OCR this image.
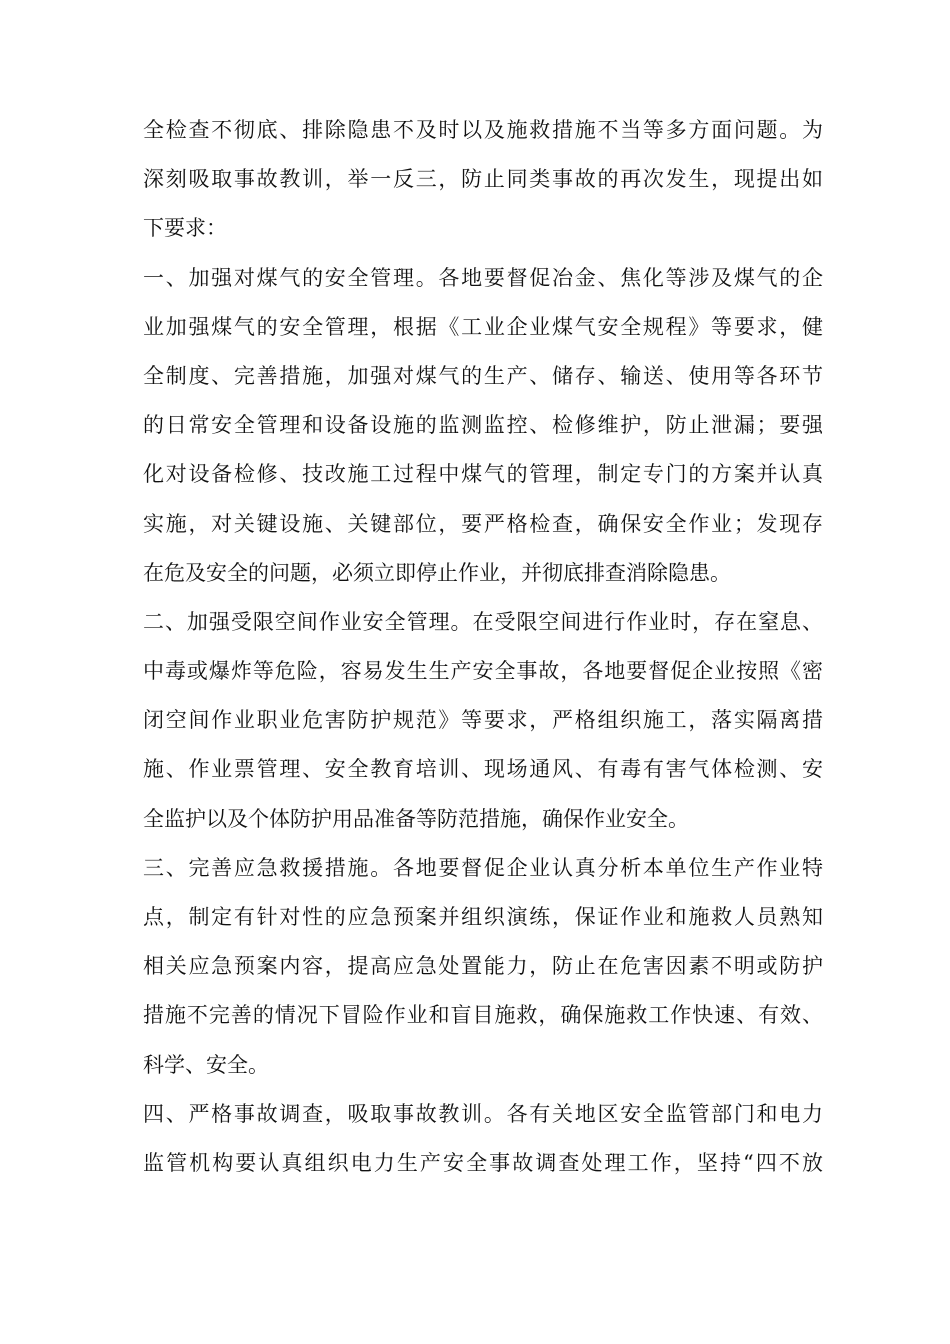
全检查不彻底、排除隐患不及时以及施救措施不当等多方面问题。为
深刻吸取事故教训，举一反三，防止同类事故的再次发生，现提出如
下要求：
一、加强对煤气的安全管理。各地要督促冶金、焦化等涉及煤气的企
业加强煤气的安全管理，根据《工业企业煤气安全规程》等要求，健
全制度、完善措施，加强对煤气的生产、储存、输送、使用等各环节
的日常安全管理和设备设施的监测监控、检修维护，防止泄漏；要强
化对设备检修、技改施工过程中煤气的管理，制定专门的方案并认真
实施，对关键设施、关键部位，要严格检查，确保安全作业；发现存
在危及安全的问题，必须立即停止作业，并彻底排查消除隐患。
二、加强受限空间作业安全管理。在受限空间进行作业时，存在窒息、
中毒或爆炸等危险，容易发生生产安全事故，各地要督促企业按照《密
闭空间作业职业危害防护规范》等要求，严格组织施工，落实隔离措
施、作业票管理、安全教育培训、现场通风、有毒有害气体检测、安
全监护以及个体防护用品准备等防范措施，确保作业安全。
三、完善应急救援措施。各地要督促企业认真分析本单位生产作业特
点，制定有针对性的应急预案并组织演练，保证作业和施救人员熟知
相关应急预案内容，提高应急处置能力，防止在危害因素不明或防护
措施不完善的情况下冒险作业和盲目施救，确保施救工作快速、有效、
科学、安全。
四、严格事故调查，吸取事故教训。各有关地区安全监管部门和电力
监管机构要认真组织电力生产安全事故调查处理工作，坚持“四不放
